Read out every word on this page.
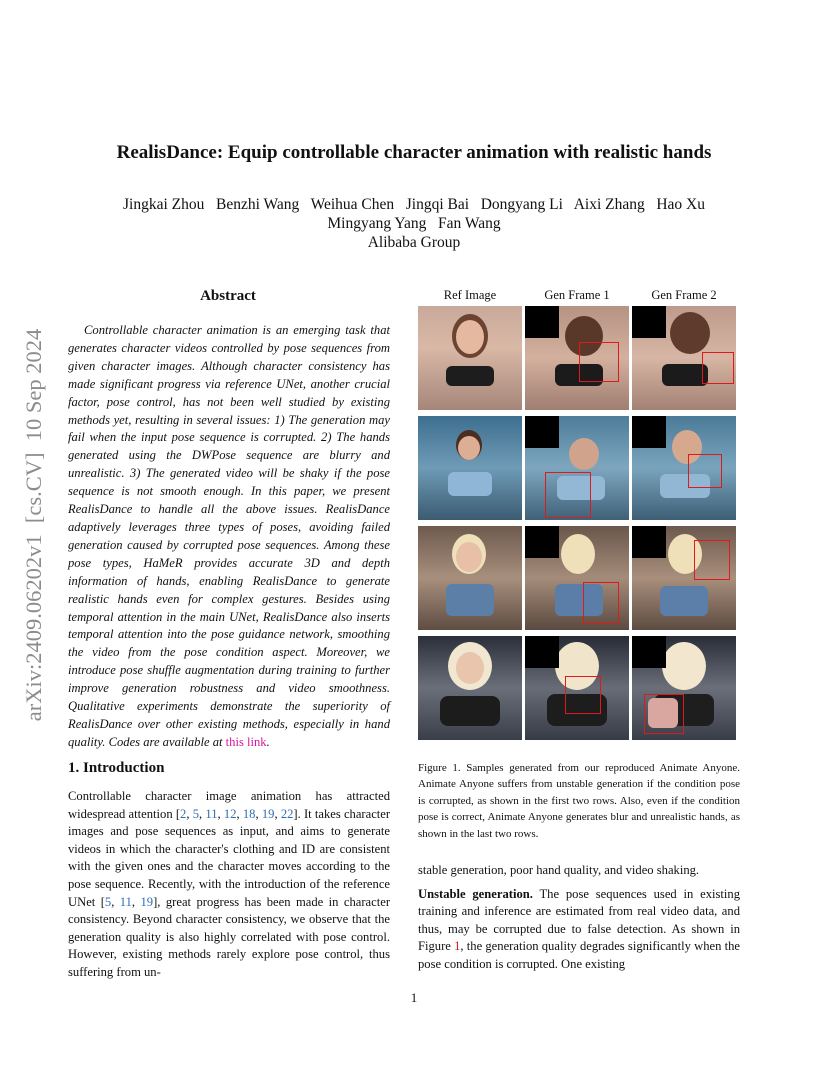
RealisDance: Equip controllable character animation with realistic hands
Jingkai Zhou   Benzhi Wang   Weihua Chen   Jingqi Bai   Dongyang Li   Aixi Zhang   Hao Xu
Mingyang Yang   Fan Wang
Alibaba Group
arXiv:2409.06202v1  [cs.CV]  10 Sep 2024
Abstract

Controllable character animation is an emerging task that generates character videos controlled by pose sequences from given character images. Although character consistency has made significant progress via reference UNet, another crucial factor, pose control, has not been well studied by existing methods yet, resulting in several issues: 1) The generation may fail when the input pose sequence is corrupted. 2) The hands generated using the DWPose sequence are blurry and unrealistic. 3) The generated video will be shaky if the pose sequence is not smooth enough. In this paper, we present RealisDance to handle all the above issues. RealisDance adaptively leverages three types of poses, avoiding failed generation caused by corrupted pose sequences. Among these pose types, HaMeR provides accurate 3D and depth information of hands, enabling RealisDance to generate realistic hands even for complex gestures. Besides using temporal attention in the main UNet, RealisDance also inserts temporal attention into the pose guidance network, smoothing the video from the pose condition aspect. Moreover, we introduce pose shuffle augmentation during training to further improve generation robustness and video smoothness. Qualitative experiments demonstrate the superiority of RealisDance over other existing methods, especially in hand quality. Codes are available at this link.

1. Introduction

Controllable character image animation has attracted widespread attention [2, 5, 11, 12, 18, 19, 22]. It takes character images and pose sequences as input, and aims to generate videos in which the character's clothing and ID are consistent with the given ones and the character moves according to the pose sequence. Recently, with the introduction of the reference UNet [5, 11, 19], great progress has been made in character consistency. Beyond character consistency, we observe that the generation quality is also highly correlated with pose control. However, existing methods rarely explore pose control, thus suffering from un-

Ref Image	Gen Frame 1	Gen Frame 2
Figure 1. Samples generated from our reproduced Animate Anyone. Animate Anyone suffers from unstable generation if the condition pose is corrupted, as shown in the first two rows. Also, even if the condition pose is correct, Animate Anyone generates blur and unrealistic hands, as shown in the last two rows.

stable generation, poor hand quality, and video shaking.

Unstable generation. The pose sequences used in existing training and inference are estimated from real video data, and thus, may be corrupted due to false detection. As shown in Figure 1, the generation quality degrades significantly when the pose condition is corrupted. One existing

1
